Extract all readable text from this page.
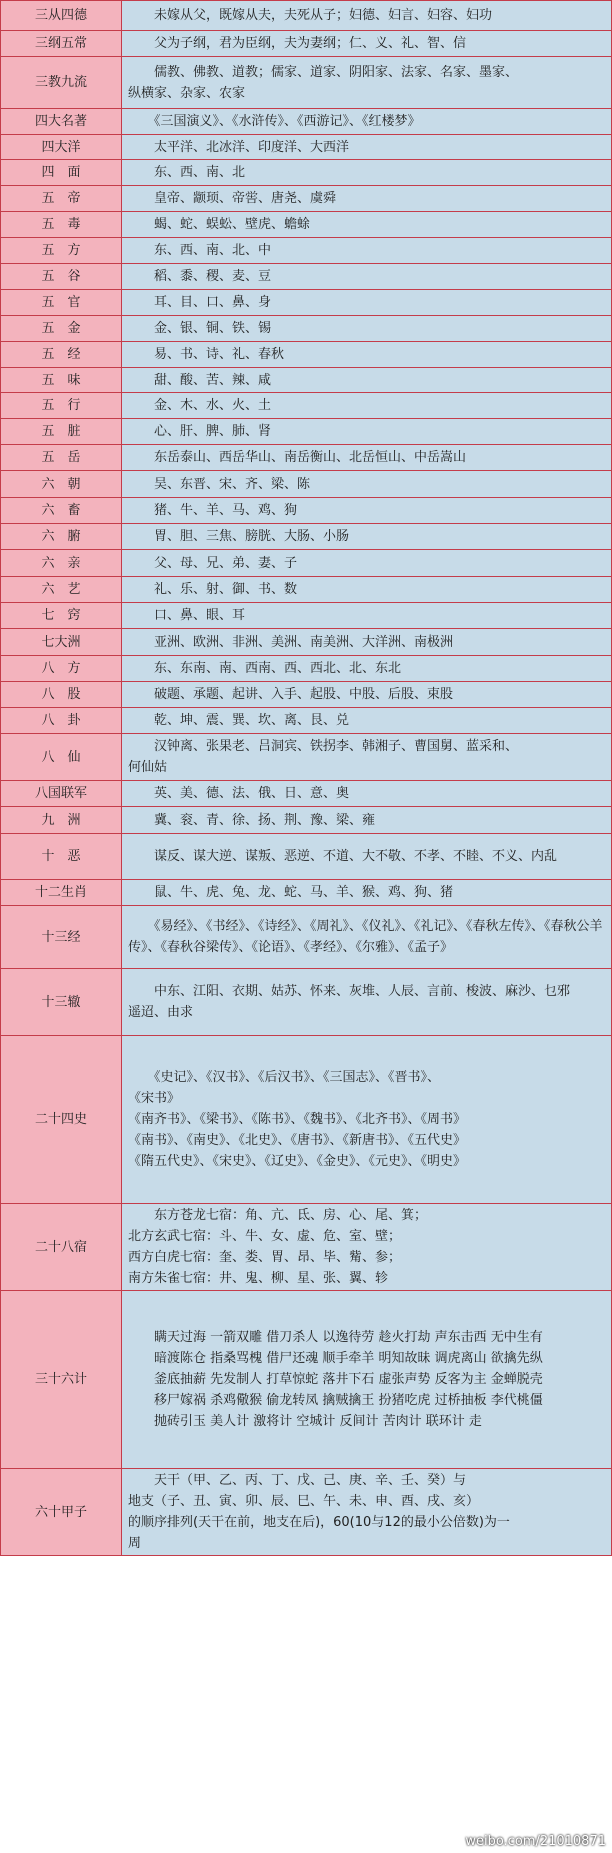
三从四德	　　未嫁从父，既嫁从夫，夫死从子；妇德、妇言、妇容、妇功

三纲五常	　　父为子纲，君为臣纲，夫为妻纲；仁、义、礼、智、信

三教九流	　　儒教、佛教、道教；儒家、道家、阴阳家、法家、名家、墨家、
纵横家、杂家、农家

四大名著	　　《三国演义》、《水浒传》、《西游记》、《红楼梦》

四大洋	　　太平洋、北冰洋、印度洋、大西洋

四　面	　　东、西、南、北

五　帝	　　皇帝、颛顼、帝喾、唐尧、虞舜

五　毒	　　蝎、蛇、蜈蚣、壁虎、蟾蜍

五　方	　　东、西、南、北、中

五　谷	　　稻、黍、稷、麦、豆

五　官	　　耳、目、口、鼻、身

五　金	　　金、银、铜、铁、锡

五　经	　　易、书、诗、礼、春秋

五　味	　　甜、酸、苦、辣、咸

五　行	　　金、木、水、火、土

五　脏	　　心、肝、脾、肺、肾

五　岳	　　东岳泰山、西岳华山、南岳衡山、北岳恒山、中岳嵩山

六　朝	　　吴、东晋、宋、齐、梁、陈

六　畜	　　猪、牛、羊、马、鸡、狗

六　腑	　　胃、胆、三焦、膀胱、大肠、小肠

六　亲	　　父、母、兄、弟、妻、子

六　艺	　　礼、乐、射、御、书、数

七　窍	　　口、鼻、眼、耳

七大洲	　　亚洲、欧洲、非洲、美洲、南美洲、大洋洲、南极洲

八　方	　　东、东南、南、西南、西、西北、北、东北

八　股	　　破题、承题、起讲、入手、起股、中股、后股、束股

八　卦	　　乾、坤、震、巽、坎、离、艮、兑

八　仙	　　汉钟离、张果老、吕洞宾、铁拐李、韩湘子、曹国舅、蓝采和、
何仙姑

八国联军	　　英、美、德、法、俄、日、意、奥

九　洲	　　冀、衮、青、徐、扬、荆、豫、梁、雍

十　恶	　　谋反、谋大逆、谋叛、恶逆、不道、大不敬、不孝、不睦、不义、内乱

十二生肖	　　鼠、牛、虎、兔、龙、蛇、马、羊、猴、鸡、狗、猪

十三经	　　《易经》、《书经》、《诗经》、《周礼》、《仪礼》、《礼记》、《春秋左传》、《春秋公羊传》、《春秋谷梁传》、《论语》、《孝经》、《尔雅》、《孟子》

十三辙	　　中东、江阳、衣期、姑苏、怀来、灰堆、人辰、言前、梭波、麻沙、乜邪
遥迢、由求

二十四史	　　《史记》、《汉书》、《后汉书》、《三国志》、《晋书》、
《宋书》
《南齐书》、《梁书》、《陈书》、《魏书》、《北齐书》、《周书》
《南书》、《南史》、《北史》、《唐书》、《新唐书》、《五代史》
《隋五代史》、《宋史》、《辽史》、《金史》、《元史》、《明史》

二十八宿	　　东方苍龙七宿：角、亢、氐、房、心、尾、箕；
北方玄武七宿：斗、牛、女、虚、危、室、壁；
西方白虎七宿：奎、娄、胃、昂、毕、觜、参；
南方朱雀七宿：井、鬼、柳、星、张、翼、轸

三十六计	　　瞒天过海 一箭双雕 借刀杀人 以逸待劳 趁火打劫 声东击西 无中生有
　　暗渡陈仓 指桑骂槐 借尸还魂 顺手牵羊 明知故昧 调虎离山 欲擒先纵
　　釜底抽薪 先发制人 打草惊蛇 落井下石 虚张声势 反客为主 金蝉脱壳
　　移尸嫁祸 杀鸡儆猴 偷龙转凤 擒贼擒王 扮猪吃虎 过桥抽板 李代桃僵
　　抛砖引玉 美人计 激将计 空城计 反间计 苦肉计 联环计 走

六十甲子	　　天干（甲、乙、丙、丁、戊、己、庚、辛、壬、癸）与
地支（子、丑、寅、卯、辰、巳、午、未、申、酉、戌、亥）
的顺序排列(天干在前，地支在后)，60(10与12的最小公倍数)为一
周
weibo.com/21010871
